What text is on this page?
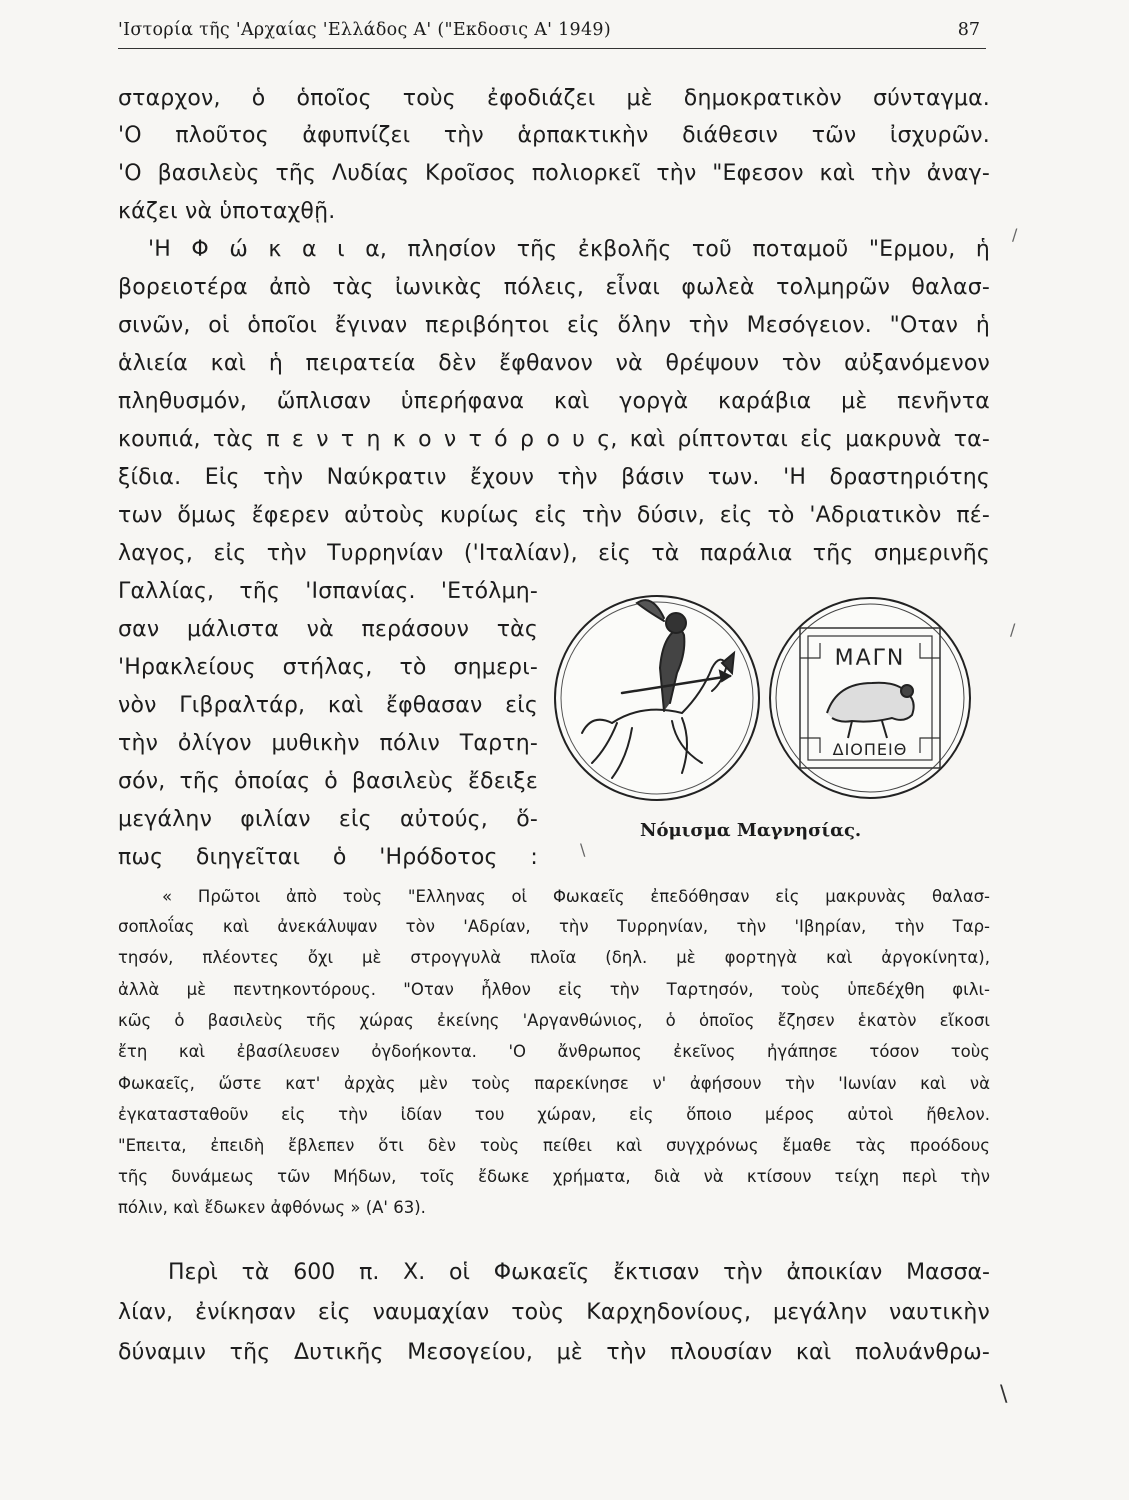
'Ιστορία τῆς 'Αρχαίας 'Ελλάδος Α' ("Εκδοσις Α' 1949)	87
σταρχον, ὁ ὁποῖος τοὺς ἐφοδιάζει μὲ δημοκρατικὸν σύνταγμα.
'Ο πλοῦτος ἀφυπνίζει τὴν ἁρπακτικὴν διάθεσιν τῶν ἰσχυρῶν.
'Ο βασιλεὺς τῆς Λυδίας Κροῖσος πολιορκεῖ τὴν "Εφεσον καὶ τὴν ἀναγ-
κάζει νὰ ὑποταχθῇ.
'Η Φ ώ κ α ι α, πλησίον τῆς ἐκβολῆς τοῦ ποταμοῦ "Ερμου, ἡ
βορειοτέρα ἀπὸ τὰς ἰωνικὰς πόλεις, εἶναι φωλεὰ τολμηρῶν θαλασ-
σινῶν, οἱ ὁποῖοι ἔγιναν περιβόητοι εἰς ὅλην τὴν Μεσόγειον. "Οταν ἡ
ἁλιεία καὶ ἡ πειρατεία δὲν ἔφθανον νὰ θρέψουν τὸν αὐξανόμενον
πληθυσμόν, ὥπλισαν ὑπερήφανα καὶ γοργὰ καράβια μὲ πενῆντα
κουπιά, τὰς π ε ν τ η κ ο ν τ ό ρ ο υ ς, καὶ ρίπτονται εἰς μακρυνὰ τα-
ξίδια. Εἰς τὴν Ναύκρατιν ἔχουν τὴν βάσιν των. 'Η δραστηριότης
των ὅμως ἔφερεν αὐτοὺς κυρίως εἰς τὴν δύσιν, εἰς τὸ 'Αδριατικὸν πέ-
λαγος, εἰς τὴν Τυρρηνίαν ('Ιταλίαν), εἰς τὰ παράλια τῆς σημερινῆς
Γαλλίας, τῆς 'Ισπανίας. 'Ετόλμη-
σαν μάλιστα νὰ περάσουν τὰς
'Ηρακλείους στήλας, τὸ σημερι-
νὸν Γιβραλτάρ, καὶ ἔφθασαν εἰς
τὴν ὀλίγον μυθικὴν πόλιν Ταρτη-
σόν, τῆς ὁποίας ὁ βασιλεὺς ἔδειξε
μεγάλην φιλίαν εἰς αὐτούς, ὅ-
πως διηγεῖται ὁ 'Ηρόδοτος :
ΜΑΓΝ
ΔΙΟΠΕΙΘ
Νόμισμα Μαγνησίας.
« Πρῶτοι ἀπὸ τοὺς "Ελληνας οἱ Φωκαεῖς ἐπεδόθησαν εἰς μακρυνὰς θαλασ-
σοπλοΐας καὶ ἀνεκάλυψαν τὸν 'Αδρίαν, τὴν Τυρρηνίαν, τὴν 'Ιβηρίαν, τὴν Ταρ-
τησόν, πλέοντες ὄχι μὲ στρογγυλὰ πλοῖα (δηλ. μὲ φορτηγὰ καὶ ἀργοκίνητα),
ἀλλὰ μὲ πεντηκοντόρους. "Οταν ἦλθον εἰς τὴν Ταρτησόν, τοὺς ὑπεδέχθη φιλι-
κῶς ὁ βασιλεὺς τῆς χώρας ἐκείνης 'Αργανθώνιος, ὁ ὁποῖος ἔζησεν ἑκατὸν εἴκοσι
ἔτη καὶ ἐβασίλευσεν ὀγδοήκοντα. 'Ο ἄνθρωπος ἐκεῖνος ἠγάπησε τόσον τοὺς
Φωκαεῖς, ὥστε κατ' ἀρχὰς μὲν τοὺς παρεκίνησε ν' ἀφήσουν τὴν 'Ιωνίαν καὶ νὰ
ἐγκατασταθοῦν εἰς τὴν ἰδίαν του χώραν, εἰς ὅποιο μέρος αὐτοὶ ἤθελον.
"Επειτα, ἐπειδὴ ἔβλεπεν ὅτι δὲν τοὺς πείθει καὶ συγχρόνως ἔμαθε τὰς προόδους
τῆς δυνάμεως τῶν Μήδων, τοῖς ἔδωκε χρήματα, διὰ νὰ κτίσουν τείχη περὶ τὴν
πόλιν, καὶ ἔδωκεν ἀφθόνως » (Α' 63).
Περὶ τὰ 600 π. Χ. οἱ Φωκαεῖς ἔκτισαν τὴν ἀποικίαν Μασσα-
λίαν, ἐνίκησαν εἰς ναυμαχίαν τοὺς Καρχηδονίους, μεγάλην ναυτικὴν
δύναμιν τῆς Δυτικῆς Μεσογείου, μὲ τὴν πλουσίαν καὶ πολυάνθρω-
/
/
\
\
